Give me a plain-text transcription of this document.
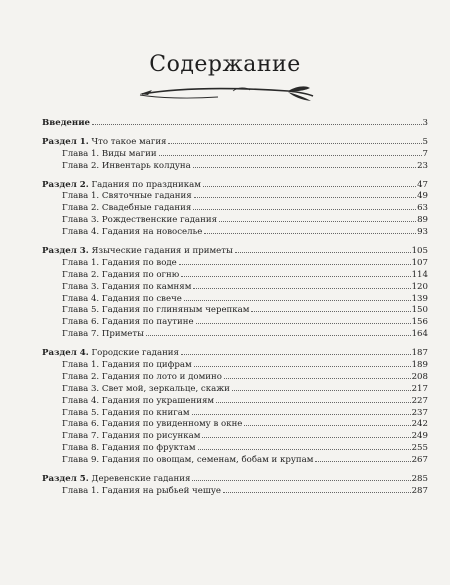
Содержание
Введение	3
Раздел 1. Что такое магия	5
Глава 1. Виды магии	7
Глава 2. Инвентарь колдуна	23
Раздел 2. Гадания по праздникам	47
Глава 1. Святочные гадания	49
Глава 2. Свадебные гадания	63
Глава 3. Рождественские гадания	89
Глава 4. Гадания на новоселье	93
Раздел 3. Языческие гадания и приметы	105
Глава 1. Гадания по воде	107
Глава 2. Гадания по огню	114
Глава 3. Гадания по камням	120
Глава 4. Гадания по свече	139
Глава 5. Гадания по глиняным черепкам	150
Глава 6. Гадания по паутине	156
Глава 7. Приметы	164
Раздел 4. Городские гадания	187
Глава 1. Гадания по цифрам	189
Глава 2. Гадания по лото и домино	208
Глава 3. Свет мой, зеркальце, скажи	217
Глава 4. Гадания по украшениям	227
Глава 5. Гадания по книгам	237
Глава 6. Гадания по увиденному в окне	242
Глава 7. Гадания по рисункам	249
Глава 8. Гадания по фруктам	255
Глава 9. Гадания по овощам, семенам, бобам и крупам	267
Раздел 5. Деревенские гадания	285
Глава 1. Гадания на рыбьей чешуе	287
